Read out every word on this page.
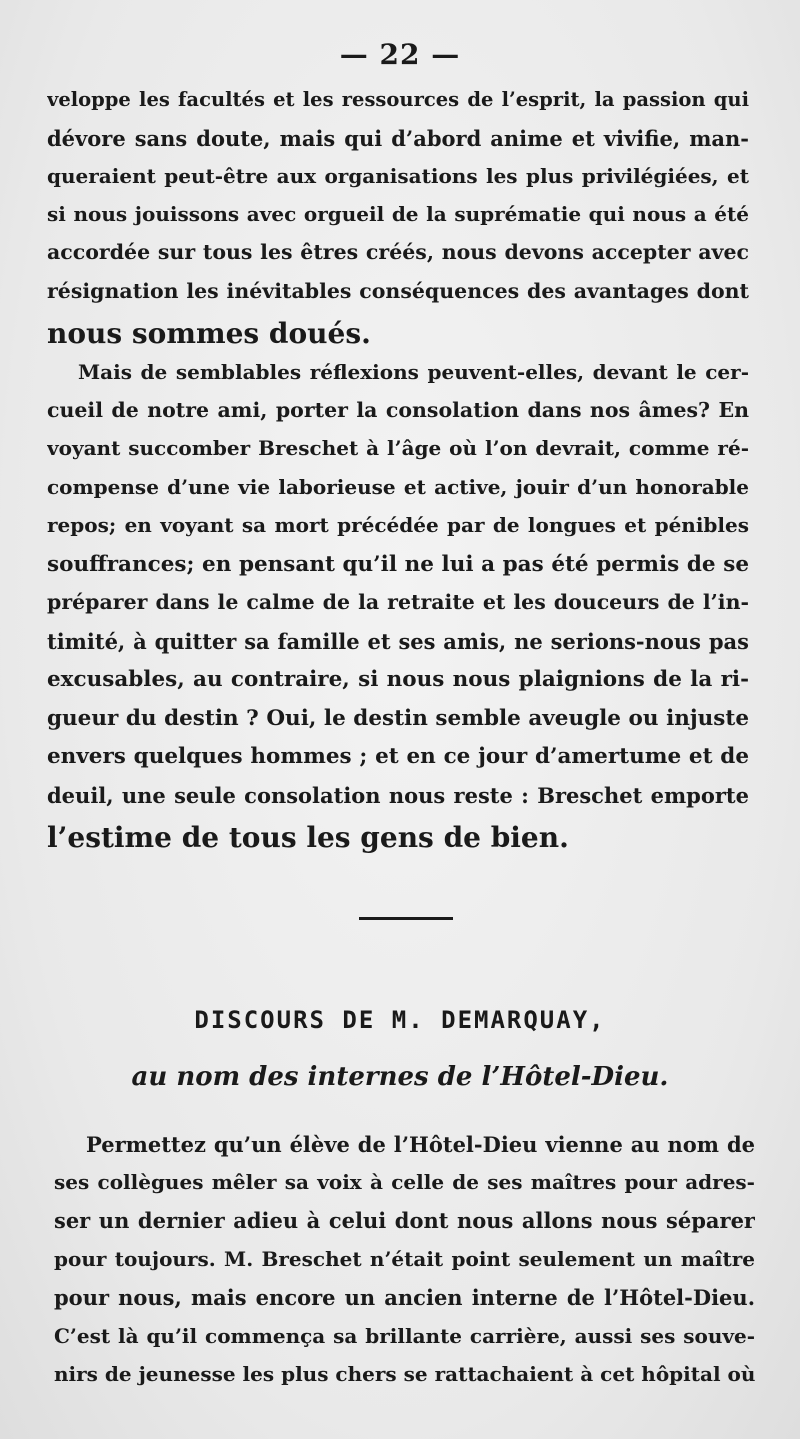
— 22 —
veloppe les facultés et les ressources de l’esprit, la passion qui
dévore sans doute, mais qui d’abord anime et vivifie, man-
queraient peut-être aux organisations les plus privilégiées, et
si nous jouissons avec orgueil de la suprématie qui nous a été
accordée sur tous les êtres créés, nous devons accepter avec
résignation les inévitables conséquences des avantages dont
nous sommes doués.
Mais de semblables réflexions peuvent-elles, devant le cer-
cueil de notre ami, porter la consolation dans nos âmes? En
voyant succomber Breschet à l’âge où l’on devrait, comme ré-
compense d’une vie laborieuse et active, jouir d’un honorable
repos; en voyant sa mort précédée par de longues et pénibles
souffrances; en pensant qu’il ne lui a pas été permis de se
préparer dans le calme de la retraite et les douceurs de l’in-
timité, à quitter sa famille et ses amis, ne serions-nous pas
excusables, au contraire, si nous nous plaignions de la ri-
gueur du destin ? Oui, le destin semble aveugle ou injuste
envers quelques hommes ; et en ce jour d’amertume et de
deuil, une seule consolation nous reste : Breschet emporte
l’estime de tous les gens de bien.
DISCOURS DE M. DEMARQUAY,
au nom des internes de l’Hôtel-Dieu.
Permettez qu’un élève de l’Hôtel-Dieu vienne au nom de
ses collègues mêler sa voix à celle de ses maîtres pour adres-
ser un dernier adieu à celui dont nous allons nous séparer
pour toujours. M. Breschet n’était point seulement un maître
pour nous, mais encore un ancien interne de l’Hôtel-Dieu.
C’est là qu’il commença sa brillante carrière, aussi ses souve-
nirs de jeunesse les plus chers se rattachaient à cet hôpital où
